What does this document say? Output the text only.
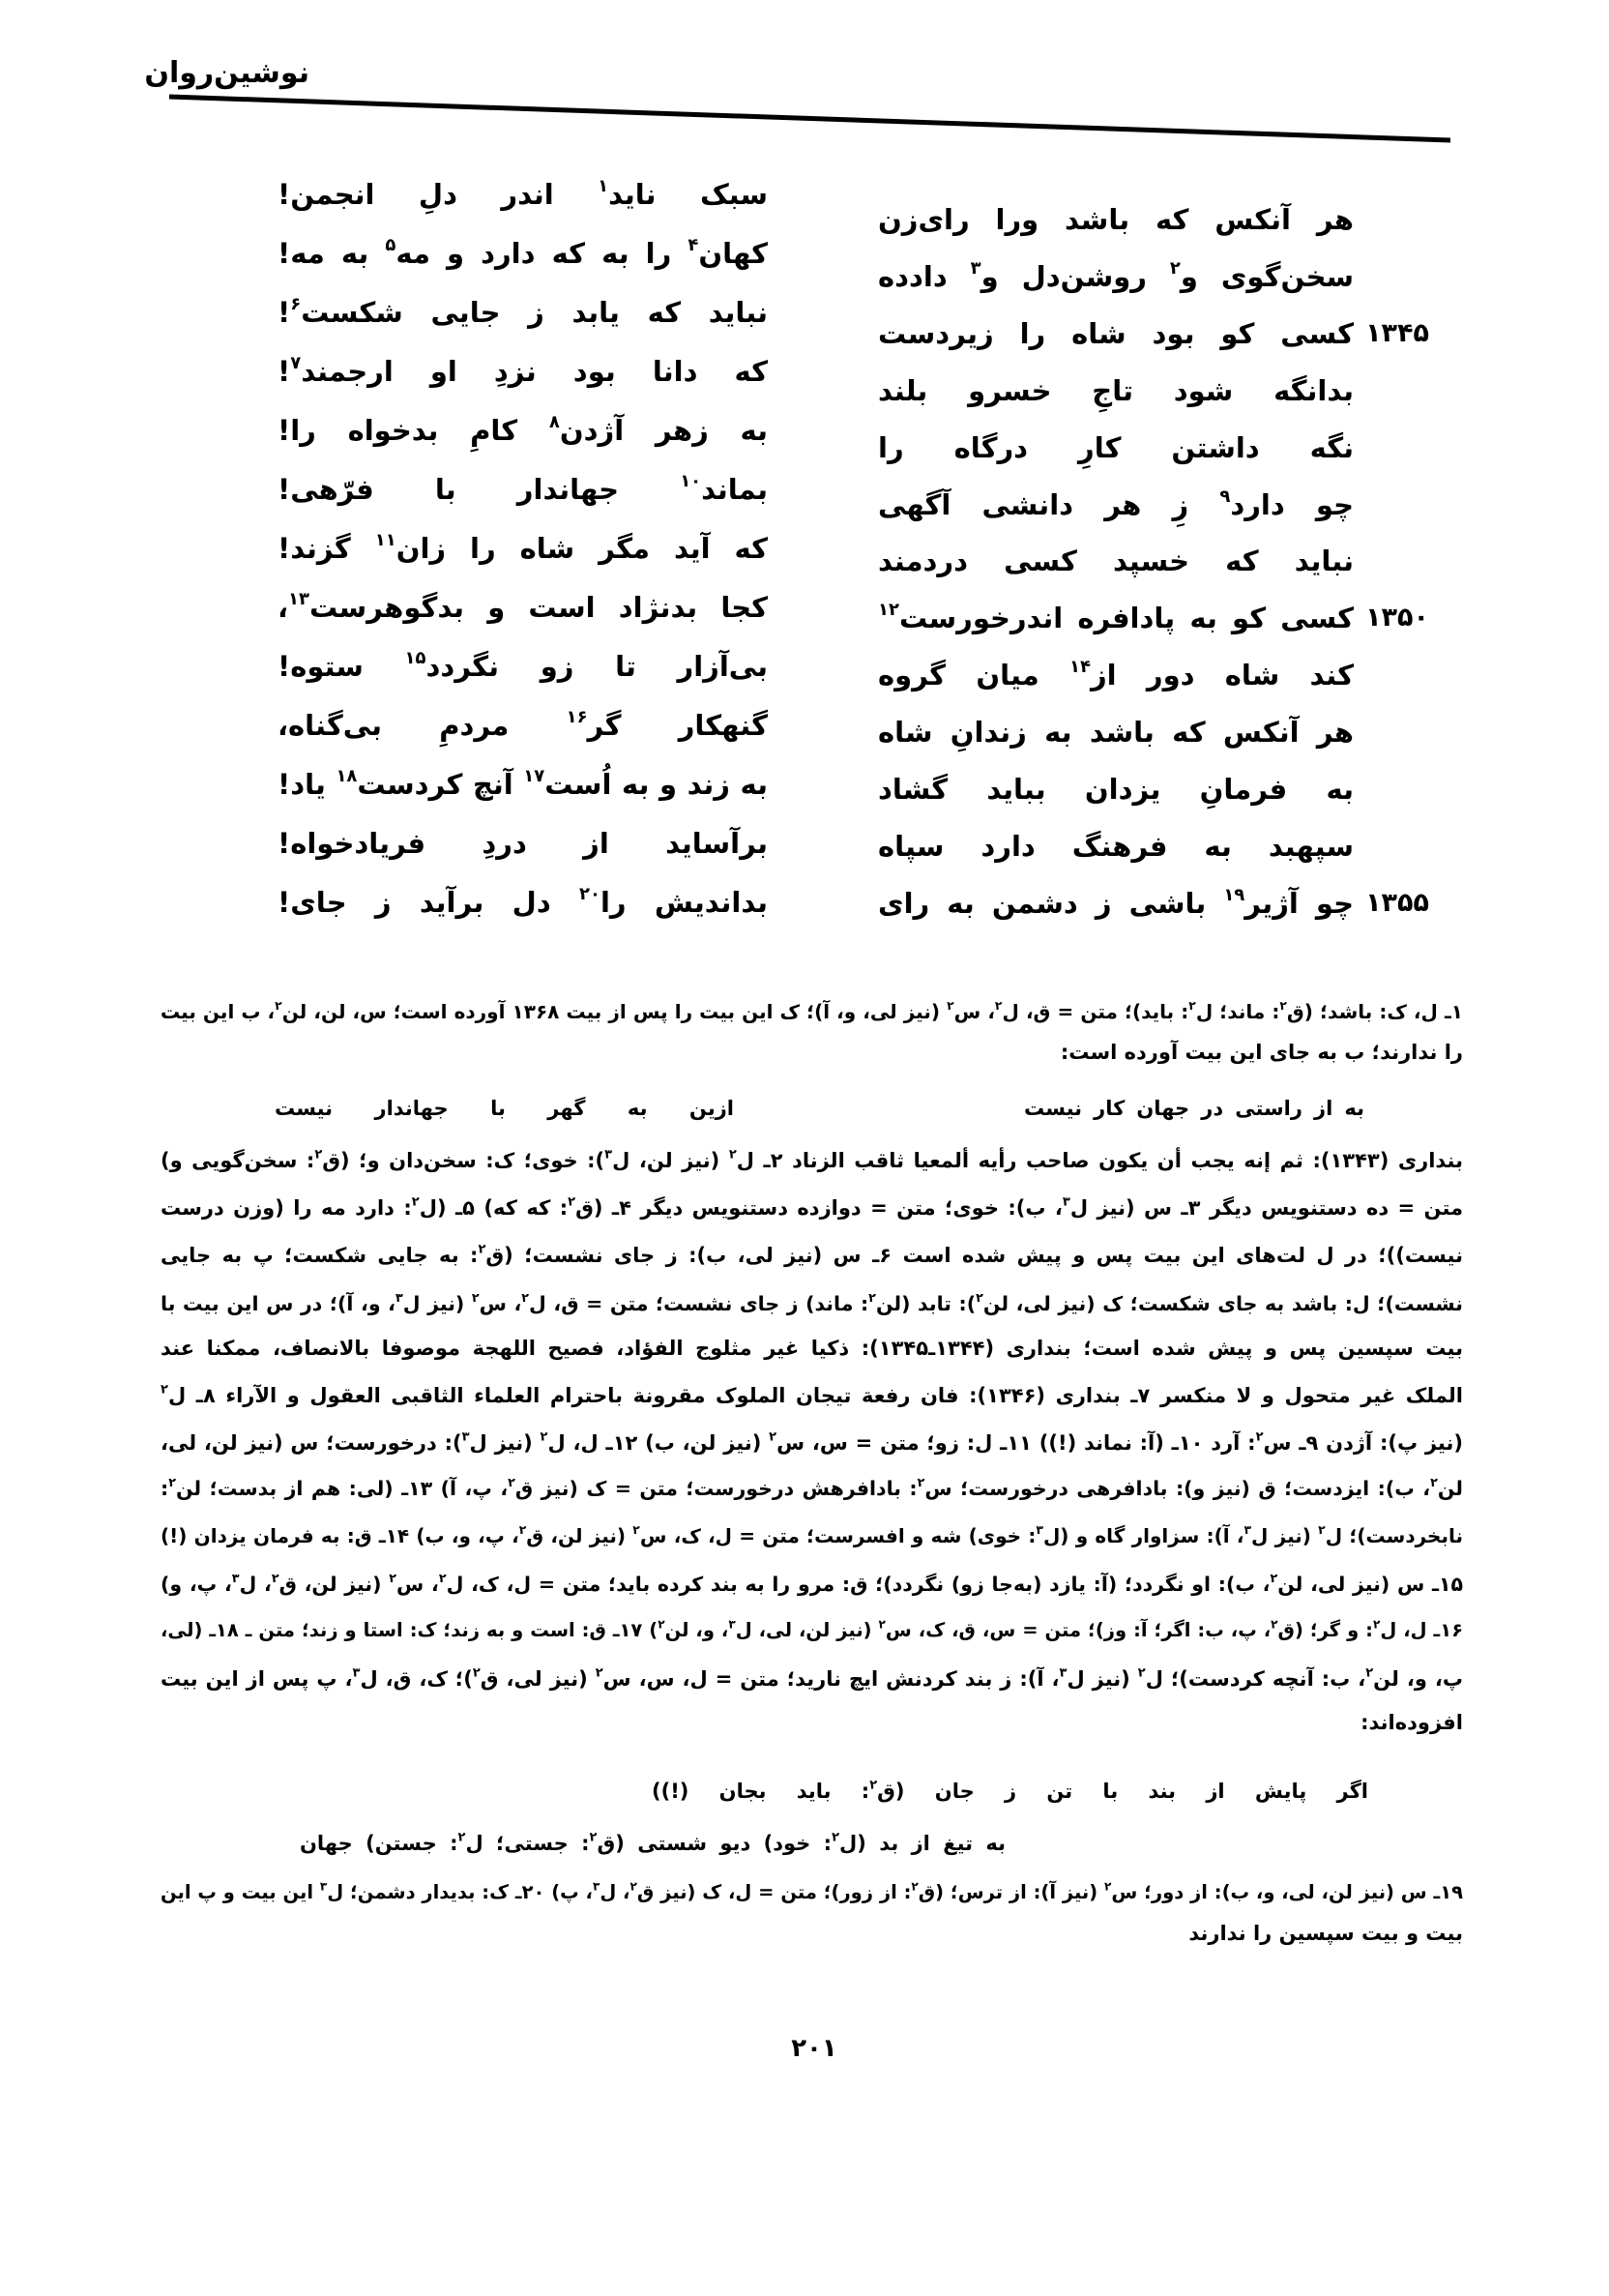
نوشین‌روان
هر آنکس که باشد ورا رای‌زن
سخن‌گوی و$^۲$ روشن‌دل و$^۳$ دادده
۱۳۴۵
کسی کو بود شاه را زیردست
بدانگه شود تاجِ خسرو بلند
نگه داشتن کارِ درگاه را
چو دارد$^۹$ زِ هر دانشی آگهی
نباید که خسپد کسی دردمند
۱۳۵۰
کسی کو به پادافره اندرخورست$^{۱۲}$
کند شاه دور از$^{۱۴}$ میان گروه
هر آنکس که باشد به زندانِ شاه
به فرمانِ یزدان بباید گشاد
سپهبد به فرهنگ دارد سپاه
۱۳۵۵
چو آژیر$^{۱۹}$ باشی ز دشمن به رای
سبک ناید$^۱$ اندر دلِ انجمن!
کهان$^۴$ را به که دارد و مه$^۵$ به مه!
نباید که یابد ز جایی شکست$^۶$!
که دانا بود نزدِ او ارجمند$^۷$!
به زهر آژدن$^۸$ کامِ بدخواه را!
بماند$^{۱۰}$ جهاندار با فرّهی!
که آید مگر شاه را زان$^{۱۱}$ گزند!
کجا بدنژاد است و بدگوهرست$^{۱۳}$،
بی‌آزار تا زو نگردد$^{۱۵}$ ستوه!
گنهکار گر$^{۱۶}$ مردمِ بی‌گناه،
به زند و به اُست$^{۱۷}$ آنچ کردست$^{۱۸}$ یاد!
برآساید از دردِ فریادخواه!
بداندیش را$^{۲۰}$ دل برآید ز جای!
۱ـ ل، ک: باشد؛ (ق$^۲$: ماند؛ ل$^۲$: باید)؛ متن = ق، ل$^۲$، س$^۲$ (نیز لی، و، آ)؛ ک این بیت را پس از بیت ۱۳۶۸ آورده است؛ س، لن، لن$^۲$، ب این بیت
را ندارند؛ ب به جای این بیت آورده است:
به از راستی در جهان کار نیست
ازین به گهر با جهاندار نیست
بنداری (۱۳۴۳): ثم إنه یجب أن یکون صاحب رأیه ألمعیا ثاقب الزناد ۲ـ ل$^۲$ (نیز لن، ل$^۳$): خوی؛ ک: سخن‌دان و؛ (ق$^۲$: سخن‌گویی و)
متن = ده دستنویس دیگر ۳ـ س (نیز ل$^۳$، ب): خوی؛ متن = دوازده دستنویس دیگر ۴ـ (ق$^۲$: که که) ۵ـ (ل$^۲$: دارد مه را (وزن درست
نیست))؛ در ل لت‌های این بیت پس و پیش شده است ۶ـ س (نیز لی، ب): ز جای نشست؛ (ق$^۲$: به جایی شکست؛ پ به جایی
نشست)؛ ل: باشد به جای شکست؛ ک (نیز لی، لن$^۲$): تابد (لن$^۲$: ماند) ز جای نشست؛ متن = ق، ل$^۲$، س$^۲$ (نیز ل$^۳$، و، آ)؛ در س این بیت با
بیت سپسین پس و پیش شده است؛ بنداری (۱۳۴۴ـ۱۳۴۵): ذکیا غیر مثلوج الفؤاد، فصیح اللهجة موصوفا بالانصاف، ممکنا عند
الملک غیر متحول و لا منکسر ۷ـ بنداری (۱۳۴۶): فان رفعة تیجان الملوک مقرونة باحترام العلماء الثاقبی العقول و الآراء ۸ـ ل$^۲$
(نیز پ): آژدن ۹ـ س$^۲$: آرد ۱۰ـ (آ: نماند (!)) ۱۱ـ ل: زو؛ متن = س، س$^۲$ (نیز لن، ب) ۱۲ـ ل، ل$^۲$ (نیز ل$^۳$): درخورست؛ س (نیز لن، لی،
لن$^۲$، ب): ایزدست؛ ق (نیز و): بادافرهی درخورست؛ س$^۲$: بادافرهش درخورست؛ متن = ک (نیز ق$^۲$، پ، آ) ۱۳ـ (لی: هم از بدست؛ لن$^۲$:
نابخردست)؛ ل$^۲$ (نیز ل$^۳$، آ): سزاوار گاه و (ل$^۳$: خوی) شه و افسرست؛ متن = ل، ک، س$^۲$ (نیز لن، ق$^۲$، پ، و، ب) ۱۴ـ ق: به فرمان یزدان (!)
۱۵ـ س (نیز لی، لن$^۲$، ب): او نگردد؛ (آ: یازد (به‌جا زو) نگردد)؛ ق: مرو را به بند کرده باید؛ متن = ل، ک، ل$^۲$، س$^۲$ (نیز لن، ق$^۲$، ل$^۳$، پ، و)
۱۶ـ ل، ل$^۲$: و گر؛ (ق$^۲$، پ، ب: اگر؛ آ: وز)؛ متن = س، ق، ک، س$^۲$ (نیز لن، لی، ل$^۳$، و، لن$^۲$) ۱۷ـ ق: است و به زند؛ ک: استا و زند؛ متن ـ ۱۸ـ (لی،
پ، و، لن$^۲$، ب: آنچه کردست)؛ ل$^۲$ (نیز ل$^۳$، آ): ز بند کردنش ایچ نارید؛ متن = ل، س، س$^۲$ (نیز لی، ق$^۲$)؛ ک، ق، ل$^۳$، پ پس از این بیت
افزوده‌اند:
اگر پایش از بند با تن ز جان (ق$^۲$: باید بجان (!))
به تیغ از بد (ل$^۲$: خود) دیو شستی (ق$^۲$: جستی؛ ل$^۲$: جستن) جهان
۱۹ـ س (نیز لن، لی، و، ب): از دور؛ س$^۲$ (نیز آ): از ترس؛ (ق$^۲$: از زور)؛ متن = ل، ک (نیز ق$^۲$، ل$^۳$، پ) ۲۰ـ ک: بدیدار دشمن؛ ل$^۳$ این بیت و پ این
بیت و بیت سپسین را ندارند
۲۰۱
